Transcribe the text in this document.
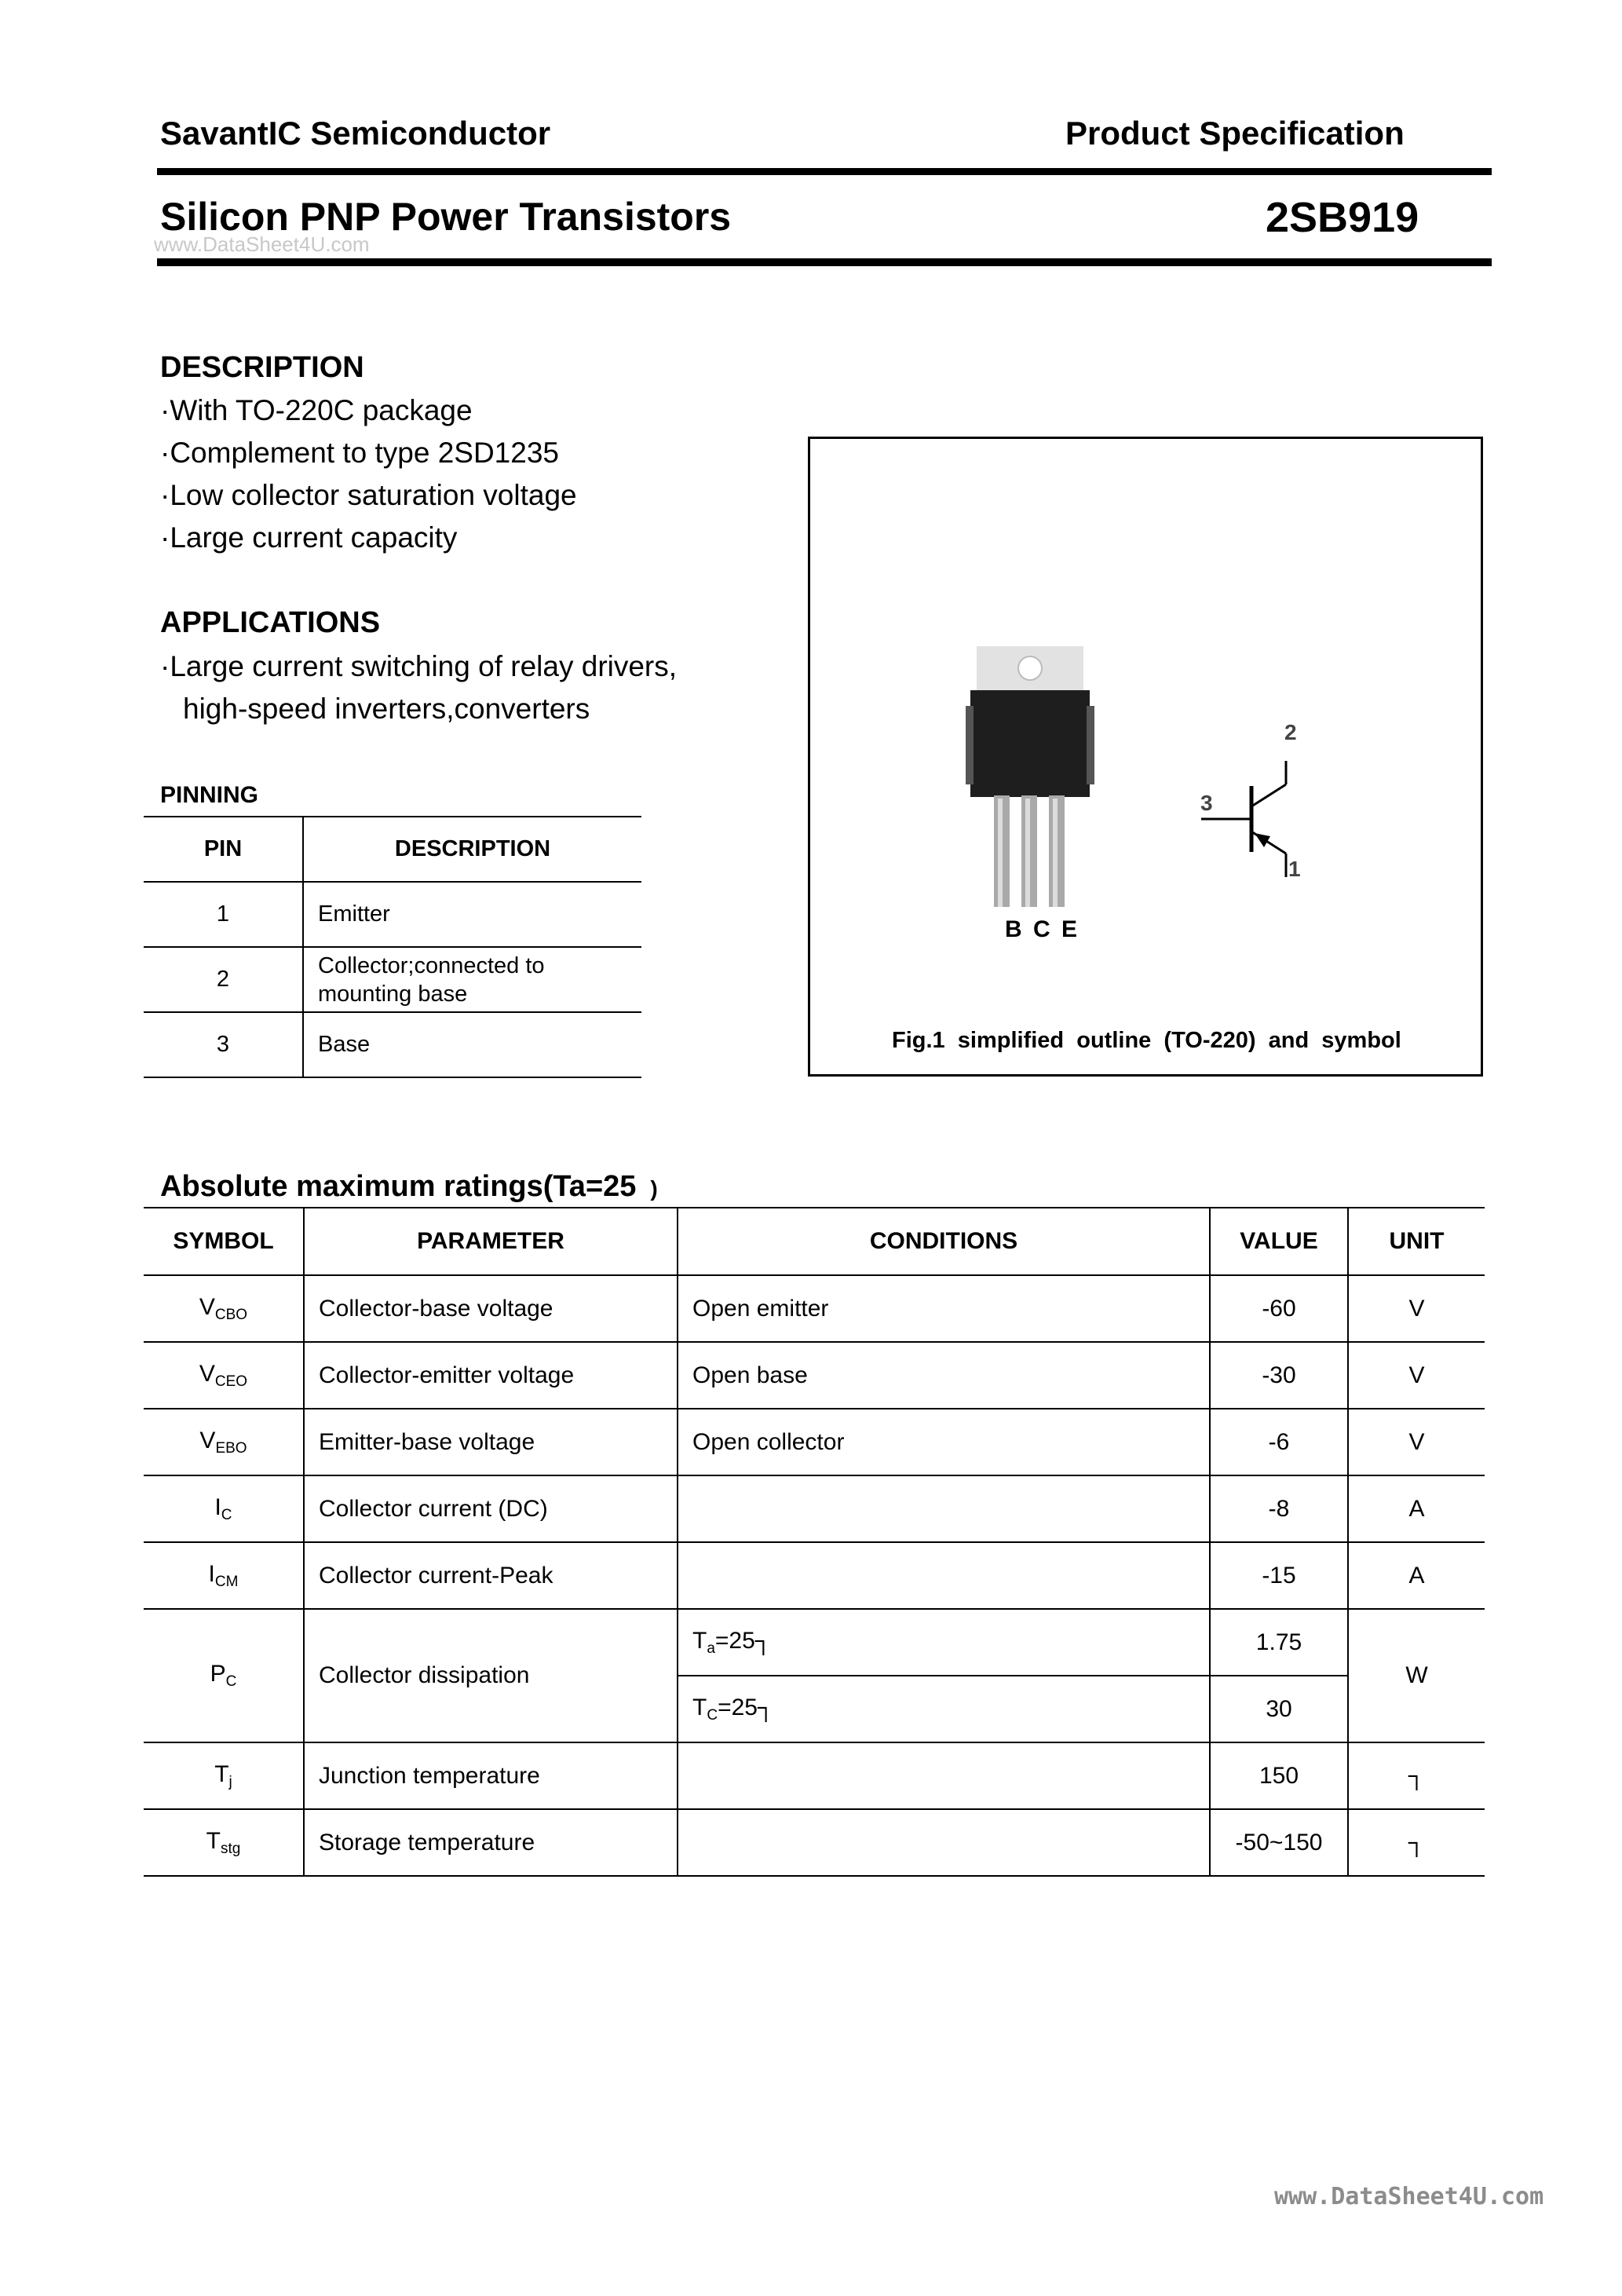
SavantIC Semiconductor	Product Specification
Silicon PNP Power Transistors	2SB919
www.DataSheet4U.com
DESCRIPTION
·With TO-220C package
·Complement to type 2SD1235
·Low collector saturation voltage
·Large current capacity
APPLICATIONS
·Large current switching of relay drivers,
high-speed inverters,converters
PINNING
PIN	DESCRIPTION
1	Emitter
2	Collector;connected to
mounting base

3	Base
B C E
2
3
1
Fig.1  simplified  outline  (TO-220)  and  symbol
Absolute maximum ratings(Ta=25 )
SYMBOL	PARAMETER	CONDITIONS	VALUE	UNIT
$V_{CBO}$	Collector-base voltage	Open emitter	-60	V
$V_{CEO}$	Collector-emitter voltage	Open base	-30	V
$V_{EBO}$	Emitter-base voltage	Open collector	-6	V
$I_C$	Collector current (DC)		-8	A
$I_{CM}$	Collector current-Peak		-15	A
$P_C$	Collector dissipation	$T_a=25┐$	1.75	W
		$T_C=25┐$	30	
$T_j$	Junction temperature		150	┐
$T_{stg}$	Storage temperature		-50~150	┐
www.DataSheet4U.com
